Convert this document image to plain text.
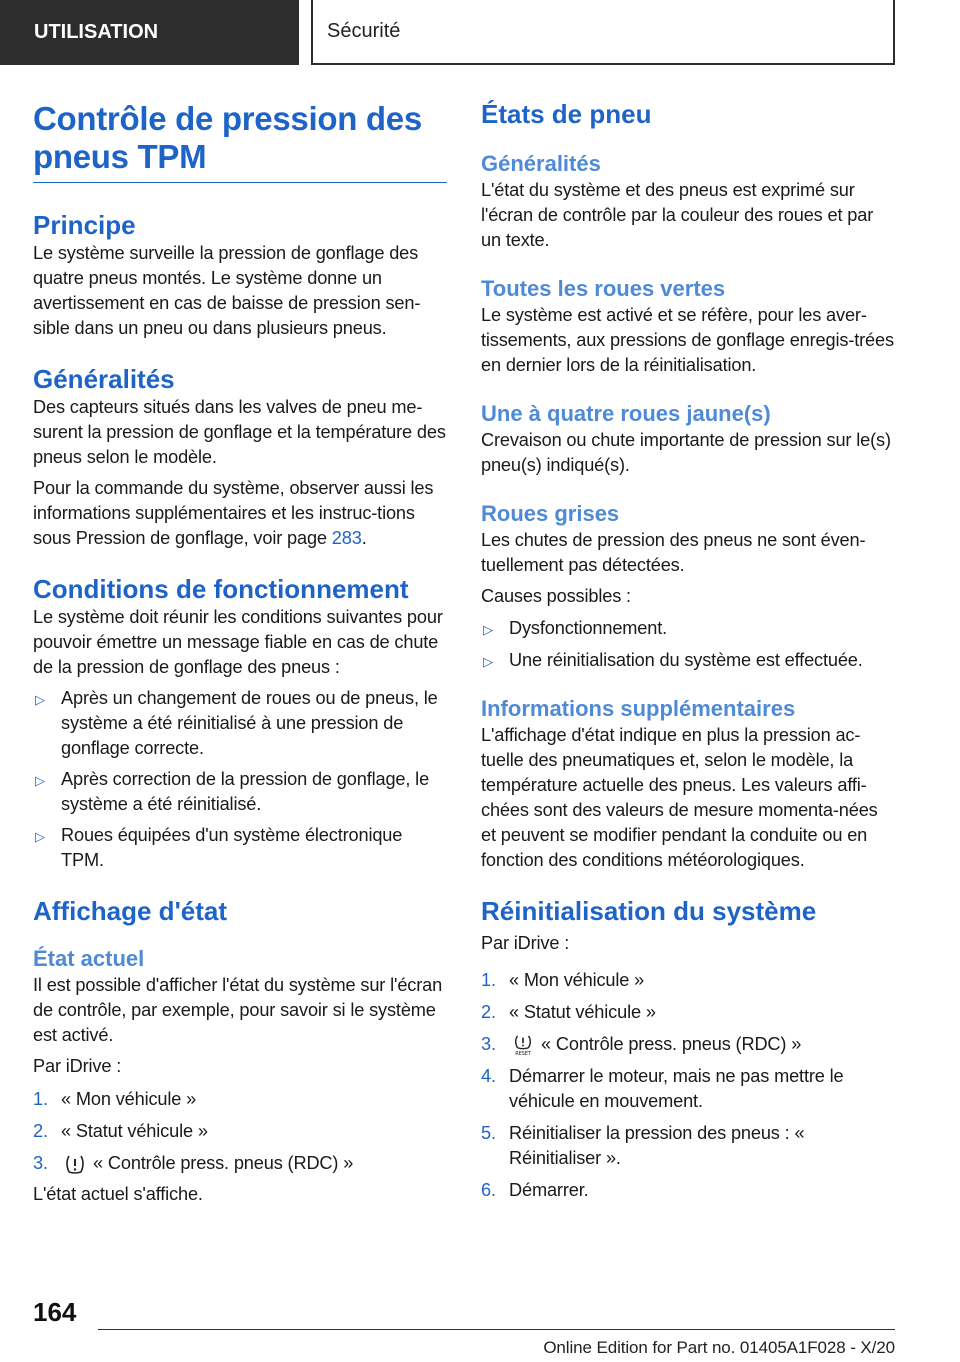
UTILISATION	Sécurité
Contrôle de pression des pneus TPM
Principe

Le système surveille la pression de gonflage des quatre pneus montés. Le système donne un avertissement en cas de baisse de pression sen-sible dans un pneu ou dans plusieurs pneus.

Généralités

Des capteurs situés dans les valves de pneu me-surent la pression de gonflage et la température des pneus selon le modèle.

Pour la commande du système, observer aussi les informations supplémentaires et les instruc-tions sous Pression de gonflage, voir page 283.

Conditions de fonctionnement

Le système doit réunir les conditions suivantes pour pouvoir émettre un message fiable en cas de chute de la pression de gonflage des pneus :

▷ Après un changement de roues ou de pneus, le système a été réinitialisé à une pression de gonflage correcte.
▷ Après correction de la pression de gonflage, le système a été réinitialisé.
▷ Roues équipées d'un système électronique TPM.
Affichage d'état
État actuel

Il est possible d'afficher l'état du système sur l'écran de contrôle, par exemple, pour savoir si le système est activé.

Par iDrive :

1. « Mon véhicule »
2. « Statut véhicule »
3. « Contrôle press. pneus (RDC) »

L'état actuel s'affiche.

États de pneu
Généralités

L'état du système et des pneus est exprimé sur l'écran de contrôle par la couleur des roues et par un texte.

Toutes les roues vertes

Le système est activé et se réfère, pour les aver-tissements, aux pressions de gonflage enregis-trées en dernier lors de la réinitialisation.

Une à quatre roues jaune(s)

Crevaison ou chute importante de pression sur le(s) pneu(s) indiqué(s).

Roues grises

Les chutes de pression des pneus ne sont éven-tuellement pas détectées.

Causes possibles :

▷ Dysfonctionnement.
▷ Une réinitialisation du système est effectuée.
Informations supplémentaires

L'affichage d'état indique en plus la pression ac-tuelle des pneumatiques et, selon le modèle, la température actuelle des pneus. Les valeurs affi-chées sont des valeurs de mesure momenta-nées et peuvent se modifier pendant la conduite ou en fonction des conditions météorologiques.

Réinitialisation du système

Par iDrive :

1. « Mon véhicule »
2. « Statut véhicule »
3.
RESET
« Contrôle press. pneus (RDC) »
4. Démarrer le moteur, mais ne pas mettre le véhicule en mouvement.
5. Réinitialiser la pression des pneus : « Réinitialiser ».
6. Démarrer.
164
Online Edition for Part no. 01405A1F028 - X/20
